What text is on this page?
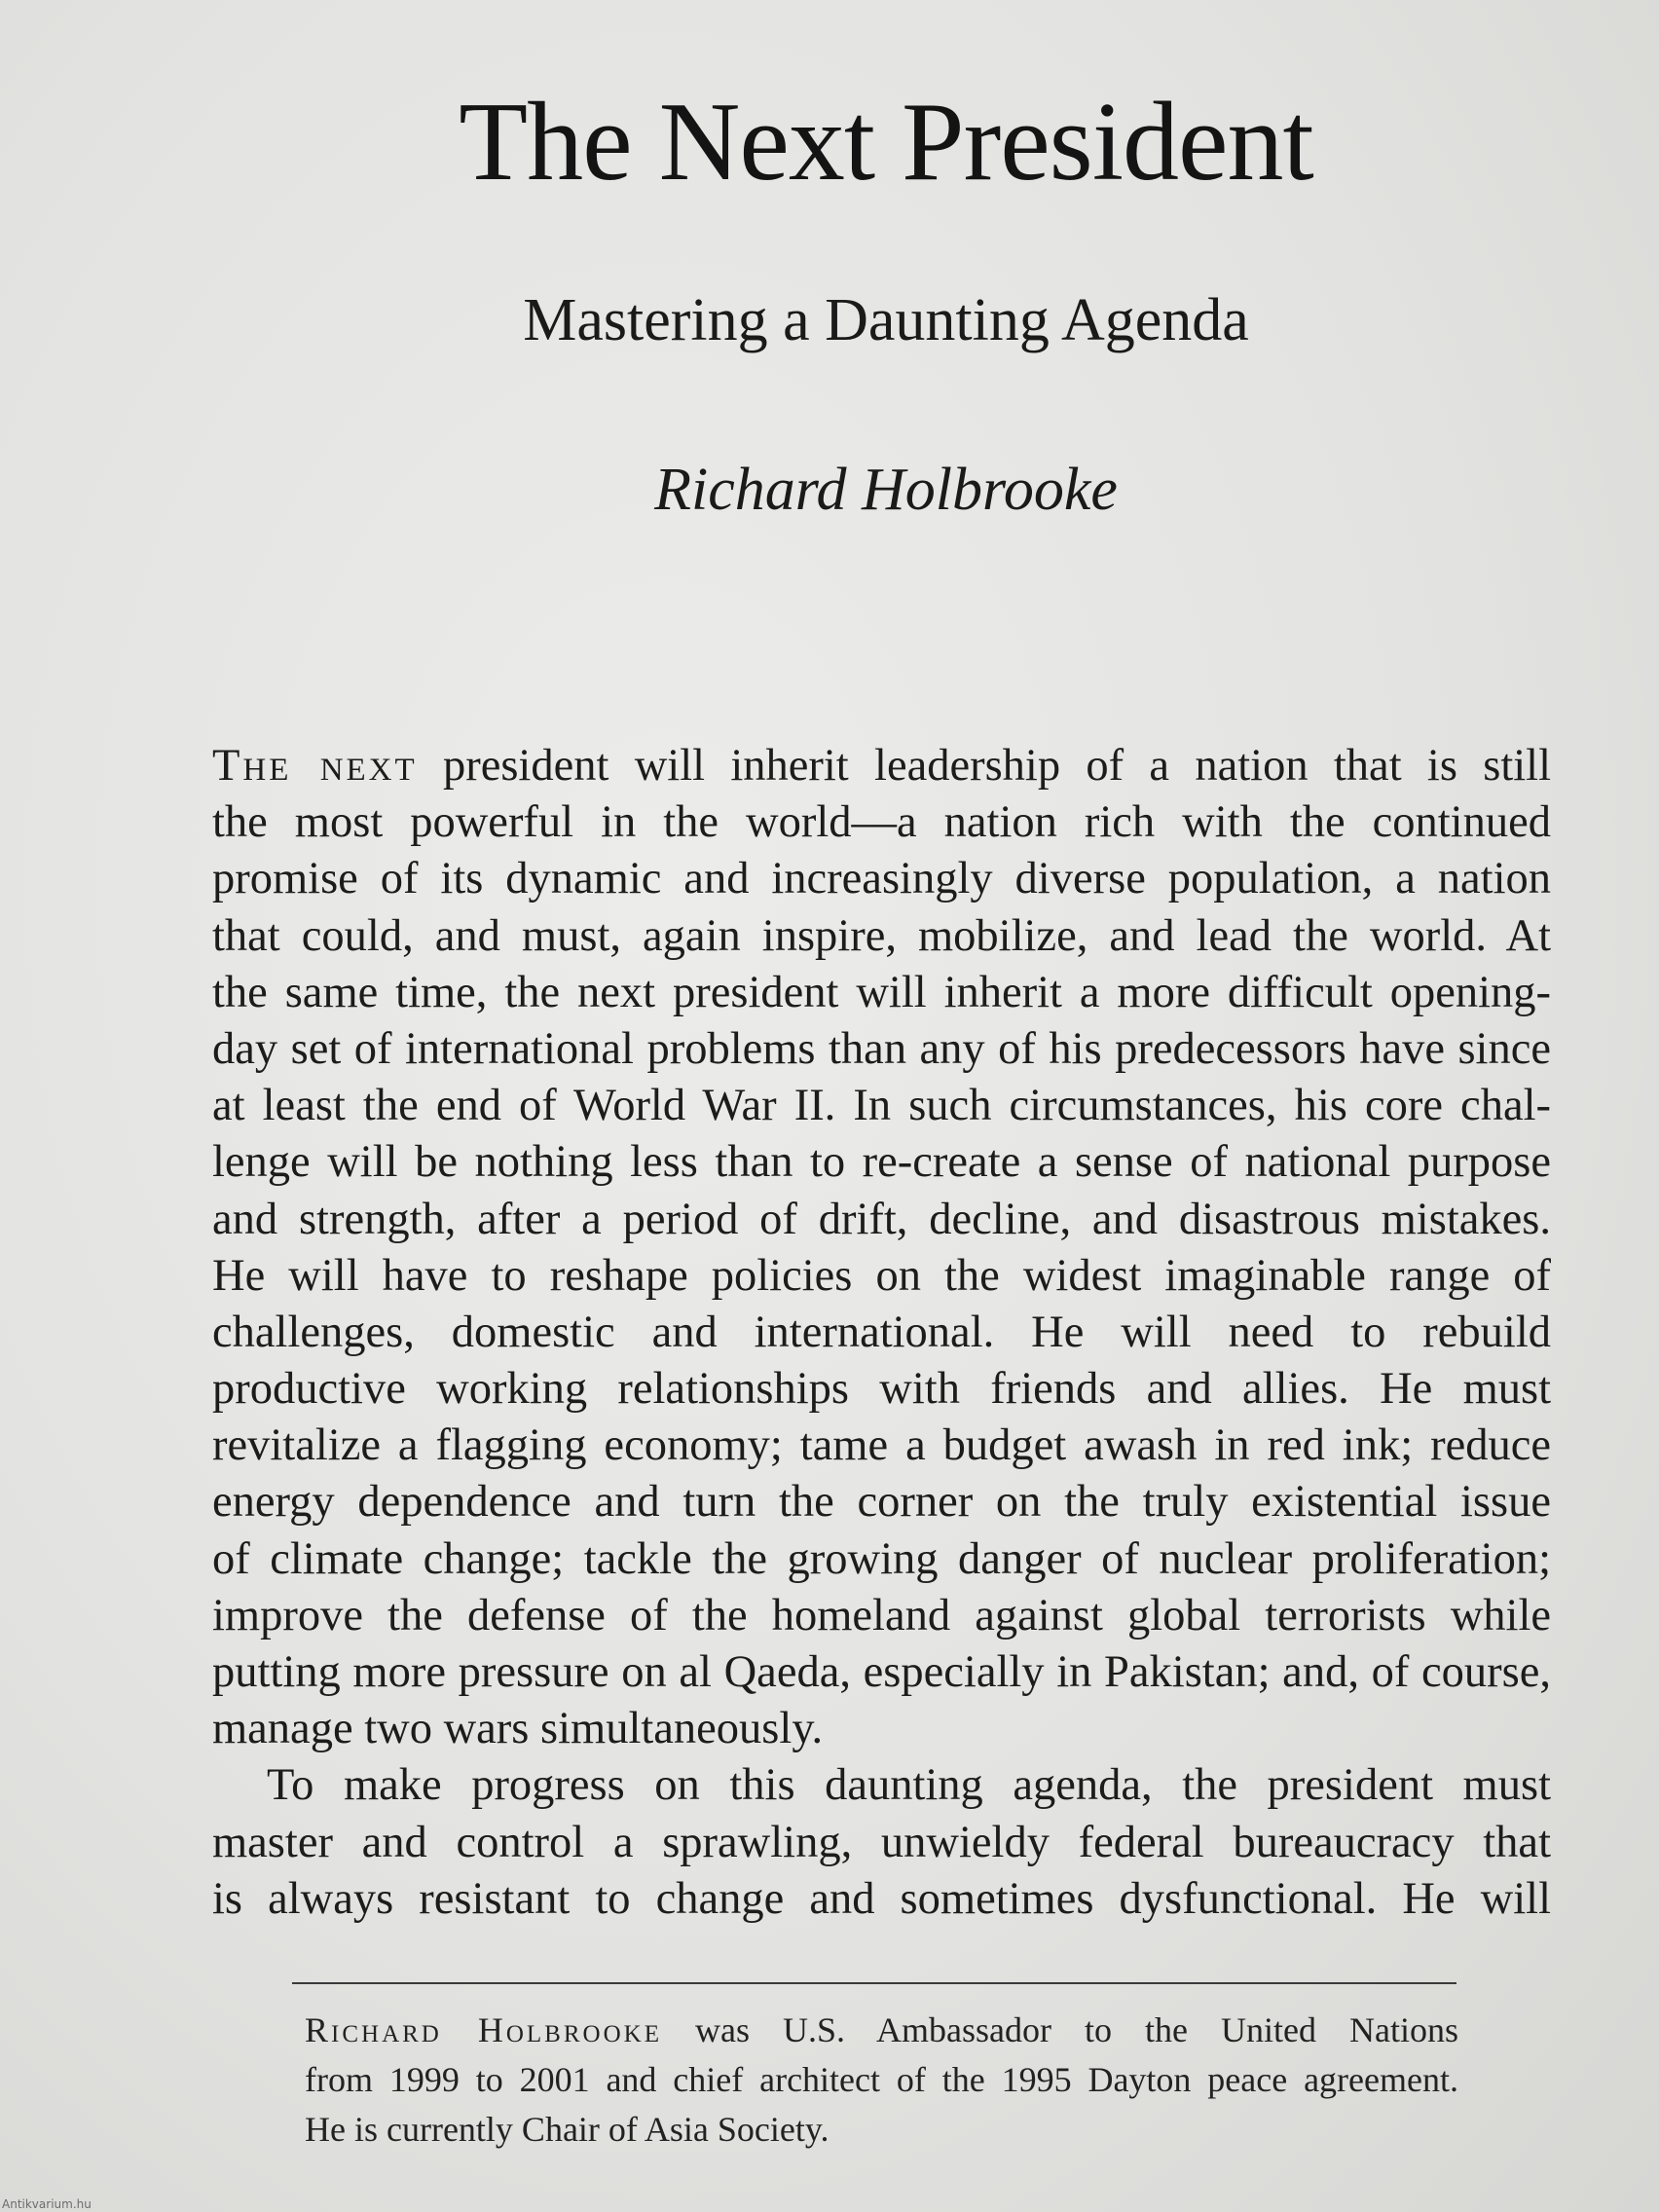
The Next President
Mastering a Daunting Agenda

Richard Holbrooke

The next president will inherit leadership of a nation that is still
the most powerful in the world—a nation rich with the continued
promise of its dynamic and increasingly diverse population, a nation
that could, and must, again inspire, mobilize, and lead the world. At
the same time, the next president will inherit a more difficult opening-
day set of international problems than any of his predecessors have since
at least the end of World War II. In such circumstances, his core chal-
lenge will be nothing less than to re-create a sense of national purpose
and strength, after a period of drift, decline, and disastrous mistakes.
He will have to reshape policies on the widest imaginable range of
challenges, domestic and international. He will need to rebuild
productive working relationships with friends and allies. He must
revitalize a flagging economy; tame a budget awash in red ink; reduce
energy dependence and turn the corner on the truly existential issue
of climate change; tackle the growing danger of nuclear proliferation;
improve the defense of the homeland against global terrorists while
putting more pressure on al Qaeda, especially in Pakistan; and, of course,
manage two wars simultaneously.
To make progress on this daunting agenda, the president must
master and control a sprawling, unwieldy federal bureaucracy that
is always resistant to change and sometimes dysfunctional. He will
Richard Holbrooke was U.S. Ambassador to the United Nations
from 1999 to 2001 and chief architect of the 1995 Dayton peace agreement.
He is currently Chair of Asia Society.
Antikvarium.hu
